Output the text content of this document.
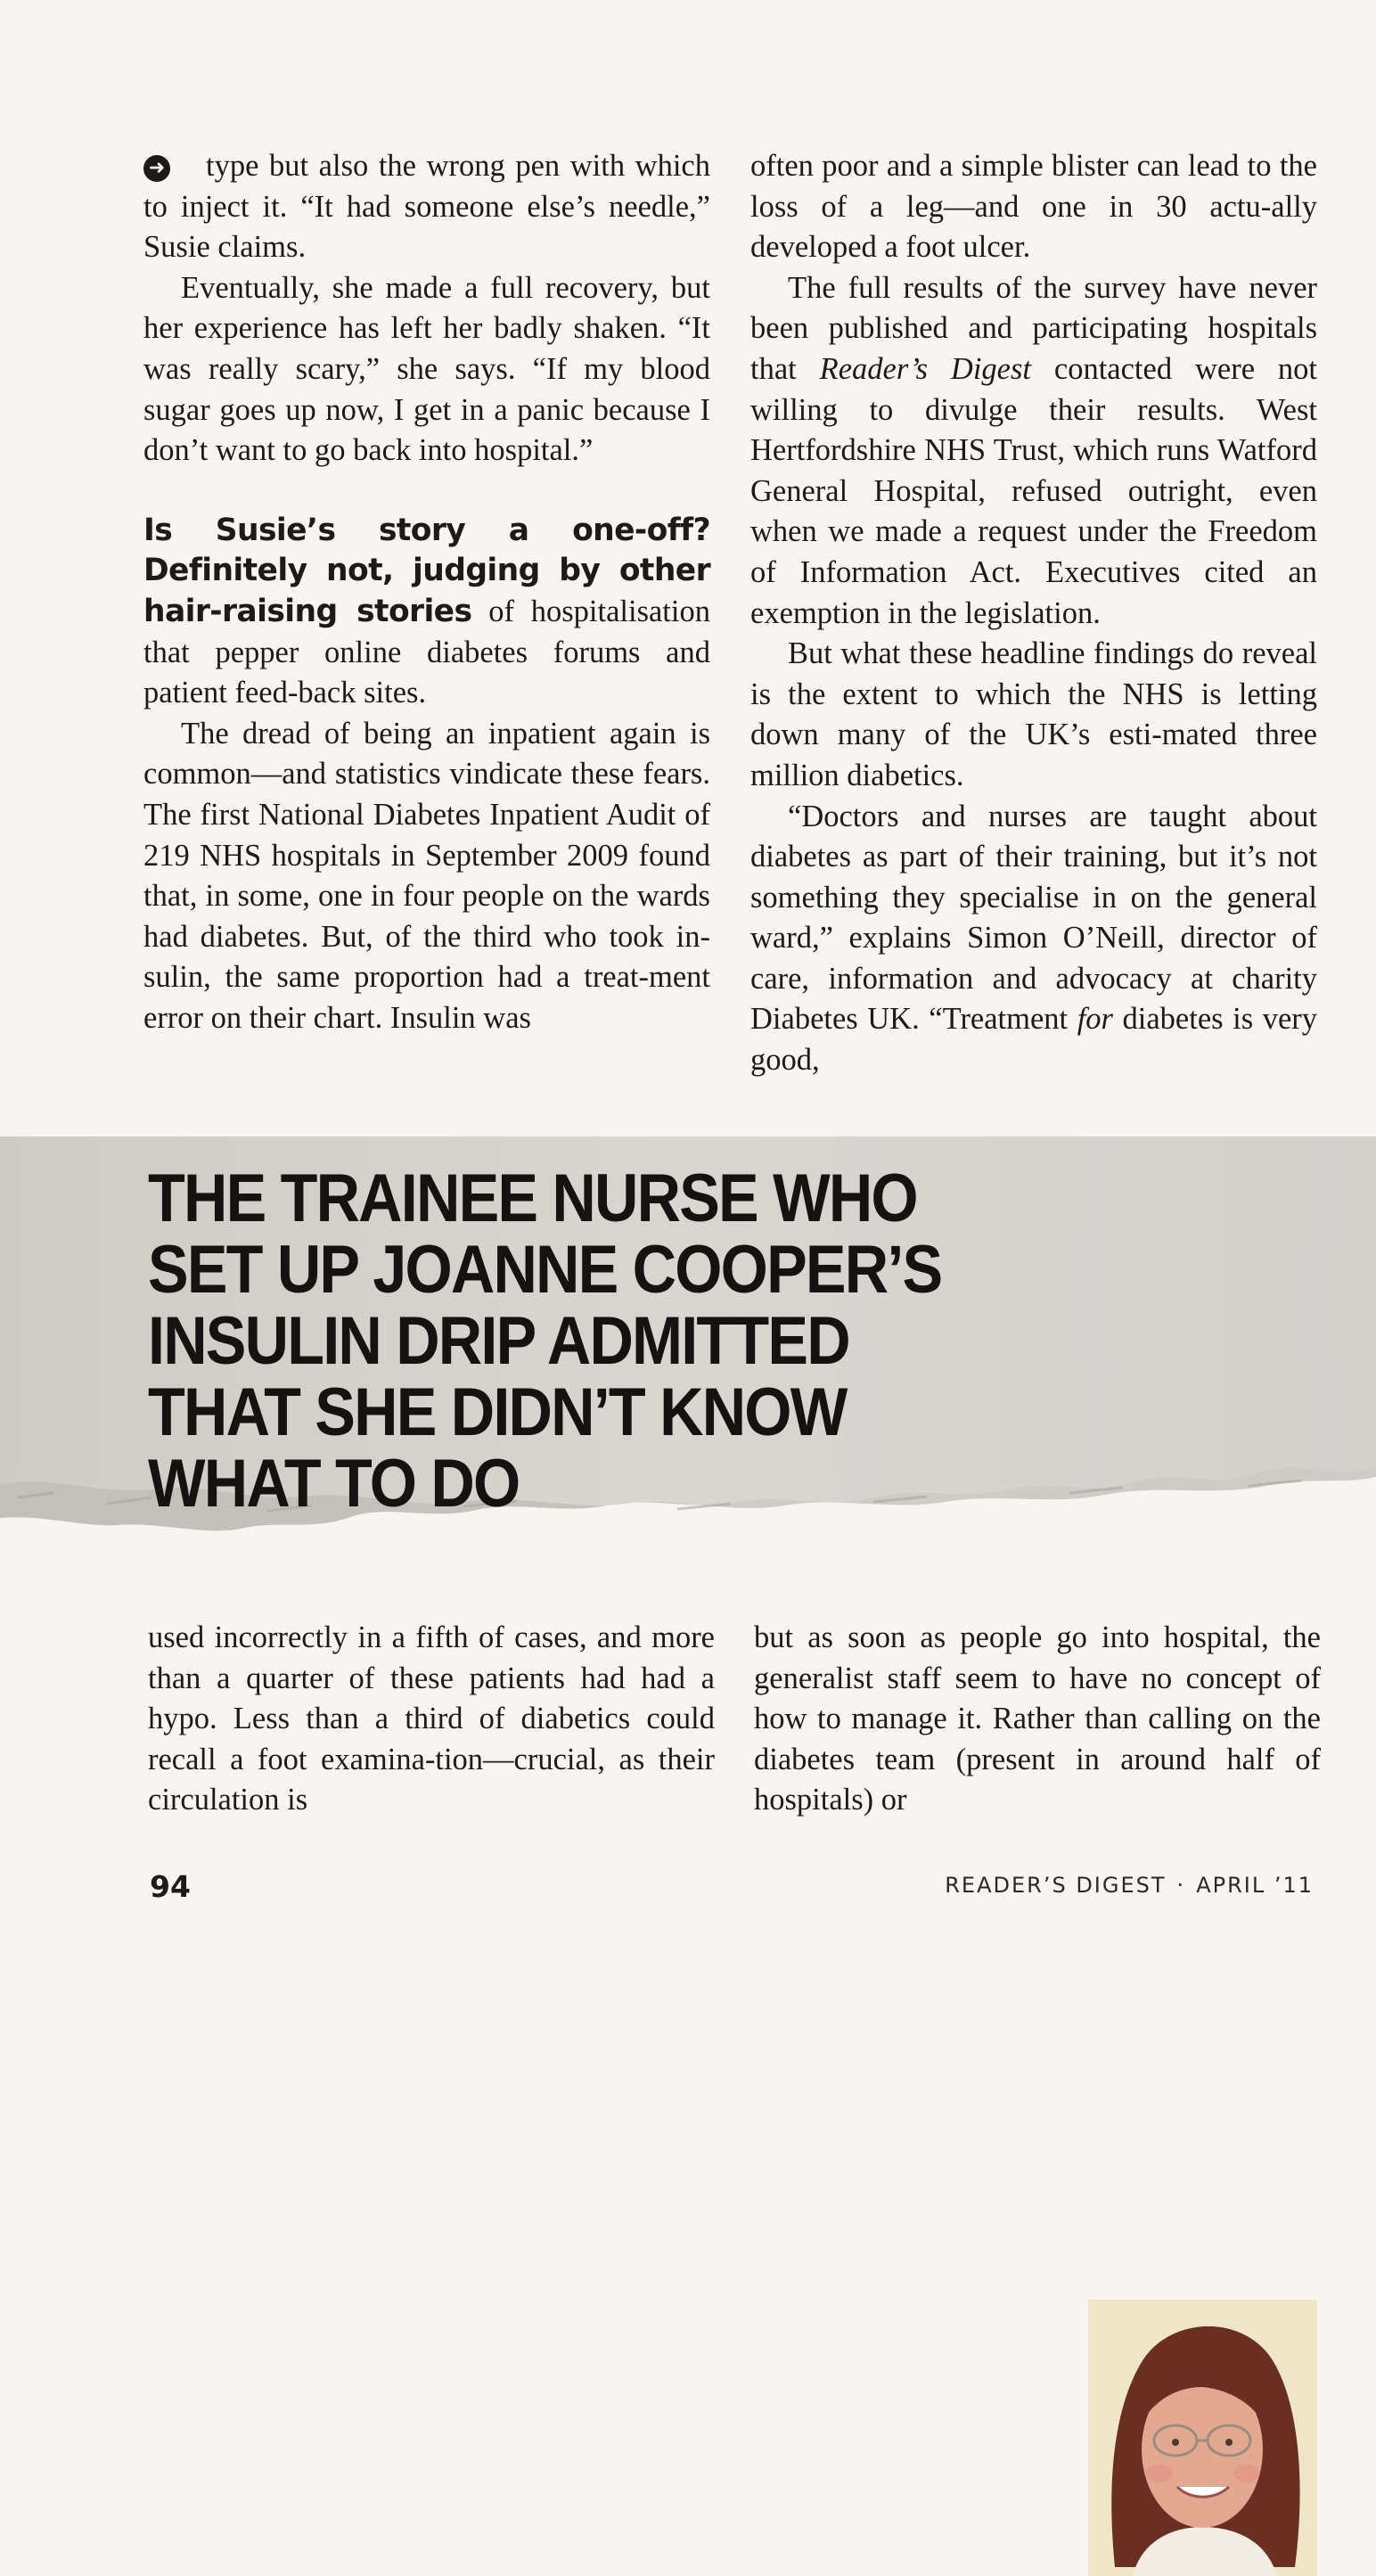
➜ type but also the wrong pen with which to inject it. “It had someone else’s needle,” Susie claims.

Eventually, she made a full recovery, but her experience has left her badly shaken. “It was really scary,” she says. “If my blood sugar goes up now, I get in a panic because I don’t want to go back into hospital.”

Is Susie’s story a one-off? Definitely not, judging by other hair-raising stories of hospitalisation that pepper online diabetes forums and patient feed-back sites.

The dread of being an inpatient again is common—and statistics vindicate these fears. The first National Diabetes Inpatient Audit of 219 NHS hospitals in September 2009 found that, in some, one in four people on the wards had diabetes. But, of the third who took in-sulin, the same proportion had a treat-ment error on their chart. Insulin was

often poor and a simple blister can lead to the loss of a leg—and one in 30 actu-ally developed a foot ulcer.

The full results of the survey have never been published and participating hospitals that Reader’s Digest contacted were not willing to divulge their results. West Hertfordshire NHS Trust, which runs Watford General Hospital, refused outright, even when we made a request under the Freedom of Information Act. Executives cited an exemption in the legislation.

But what these headline findings do reveal is the extent to which the NHS is letting down many of the UK’s esti-mated three million diabetics.

“Doctors and nurses are taught about diabetes as part of their training, but it’s not something they specialise in on the general ward,” explains Simon O’Neill, director of care, information and advocacy at charity Diabetes UK. “Treatment for diabetes is very good,

THE TRAINEE NURSE WHO
SET UP JOANNE COOPER’S
INSULIN DRIP ADMITTED
THAT SHE DIDN’T KNOW
WHAT TO DO

used incorrectly in a fifth of cases, and more than a quarter of these patients had had a hypo. Less than a third of diabetics could recall a foot examina-tion—crucial, as their circulation is

but as soon as people go into hospital, the generalist staff seem to have no concept of how to manage it. Rather than calling on the diabetes team (present in around half of hospitals) or

94	READER’S DIGEST · APRIL ’11
